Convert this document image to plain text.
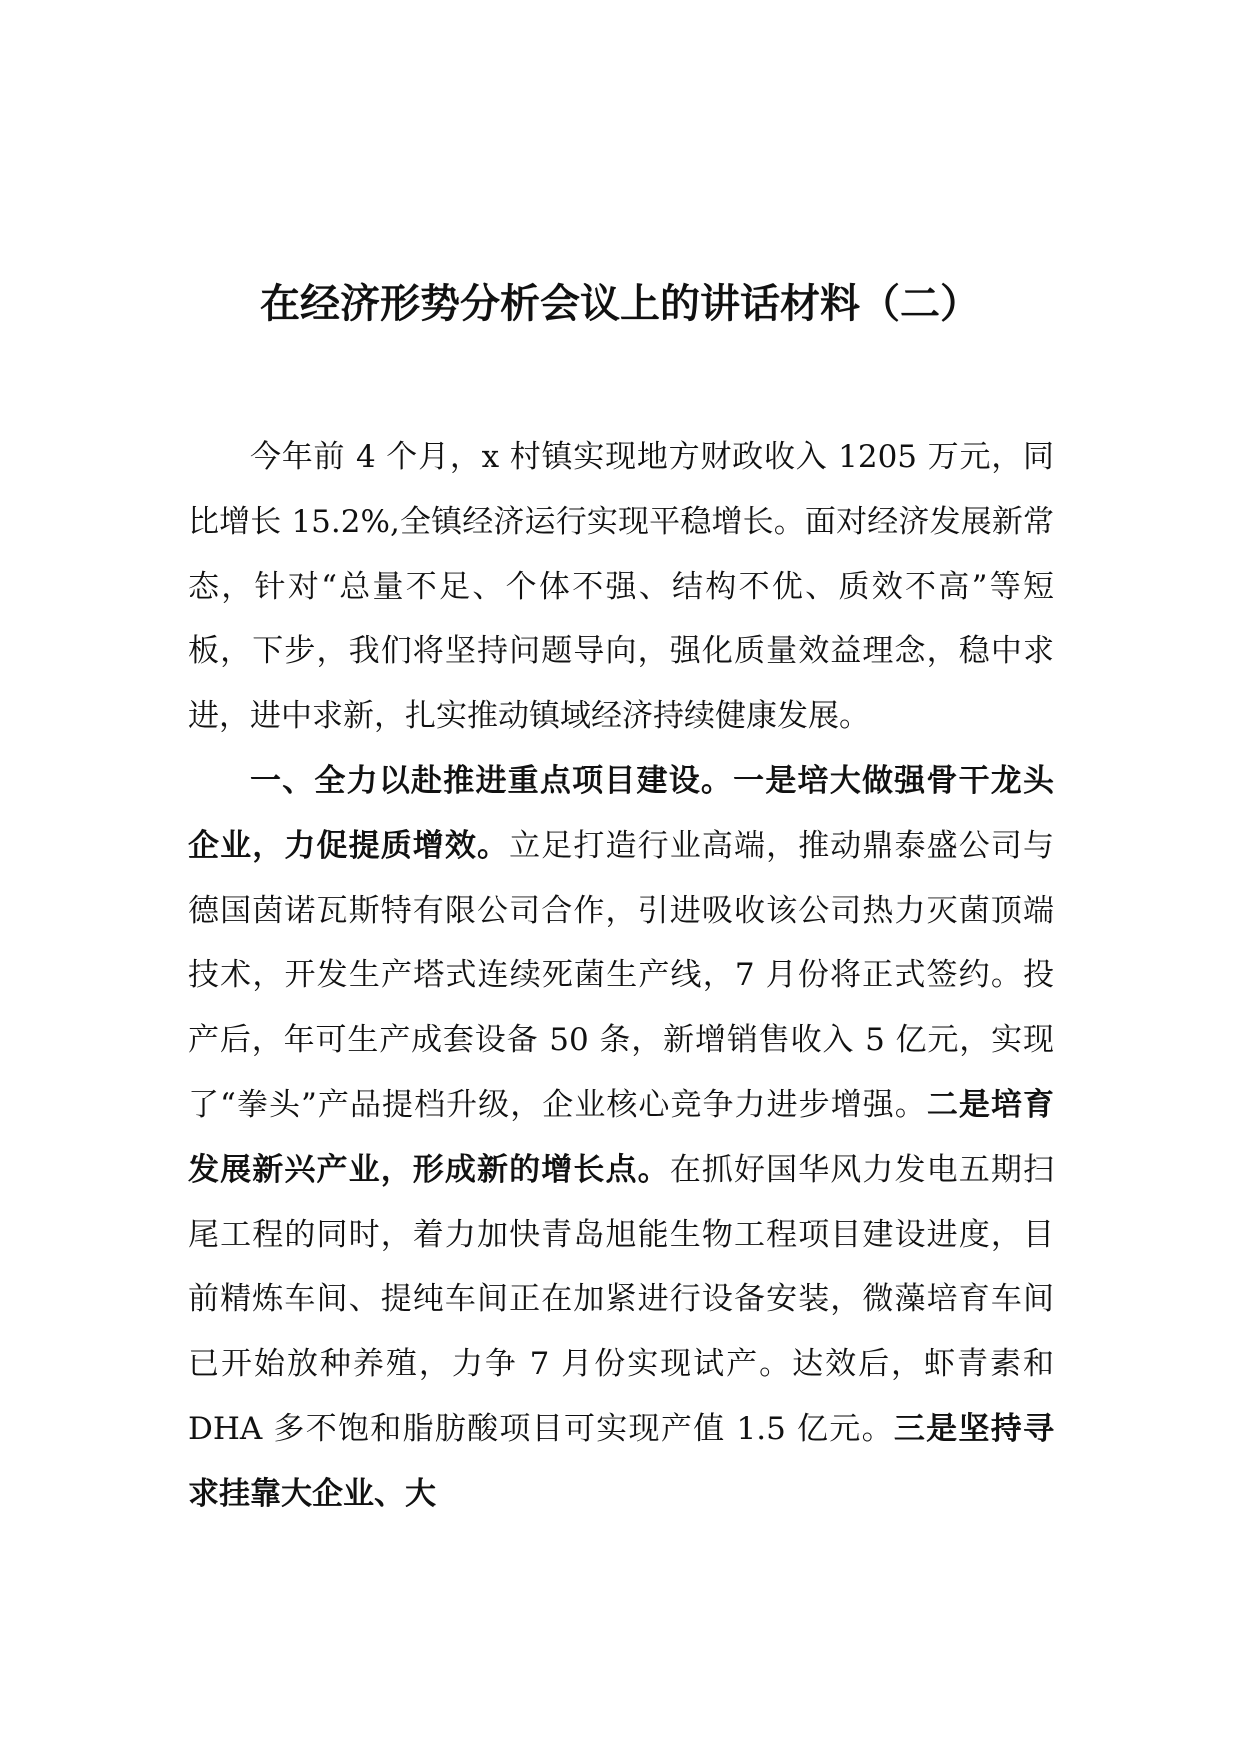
在经济形势分析会议上的讲话材料（二）

今年前 4 个月，x 村镇实现地方财政收入 1205 万元，同比增长 15.2%,全镇经济运行实现平稳增长。面对经济发展新常态，针对“总量不足、个体不强、结构不优、质效不高”等短板，下步，我们将坚持问题导向，强化质量效益理念，稳中求进，进中求新，扎实推动镇域经济持续健康发展。

一、全力以赴推进重点项目建设。一是培大做强骨干龙头企业，力促提质增效。立足打造行业高端，推动鼎泰盛公司与德国茵诺瓦斯特有限公司合作，引进吸收该公司热力灭菌顶端技术，开发生产塔式连续死菌生产线，7 月份将正式签约。投产后，年可生产成套设备 50 条，新增销售收入 5 亿元，实现了“拳头”产品提档升级，企业核心竞争力进步增强。二是培育发展新兴产业，形成新的增长点。在抓好国华风力发电五期扫尾工程的同时，着力加快青岛旭能生物工程项目建设进度，目前精炼车间、提纯车间正在加紧进行设备安装，微藻培育车间已开始放种养殖，力争 7 月份实现试产。达效后，虾青素和 DHA 多不饱和脂肪酸项目可实现产值 1.5 亿元。三是坚持寻求挂靠大企业、大
